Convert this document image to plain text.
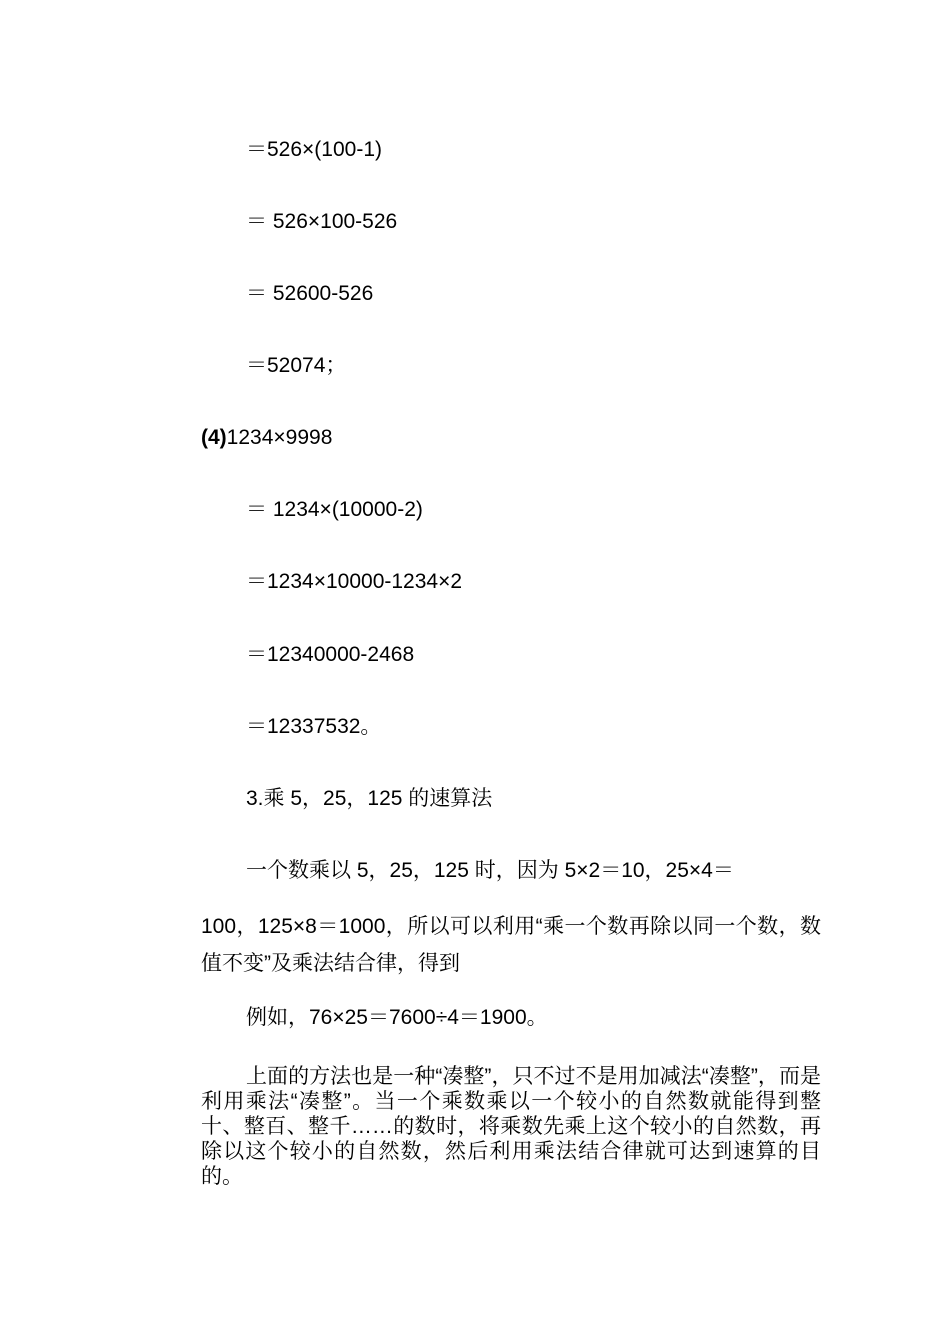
＝526×(100-1)
＝ 526×100-526
＝ 52600-526
＝52074；
(4)1234×9998
＝ 1234×(10000-2)
＝1234×10000-1234×2
＝12340000-2468
＝12337532。
3.乘 5，25，125 的速算法
一个数乘以 5，25，125 时，因为 5×2＝10，25×4＝
100，125×8＝1000，所以可以利用“乘一个数再除以同一个数，数值不变”及乘法结合律，得到
例如，76×25＝7600÷4＝1900。
上面的方法也是一种“凑整”，只不过不是用加减法“凑整”，而是利用乘法“凑整”。当一个乘数乘以一个较小的自然数就能得到整十、整百、整千……的数时，将乘数先乘上这个较小的自然数，再除以这个较小的自然数，然后利用乘法结合律就可达到速算的目的。
